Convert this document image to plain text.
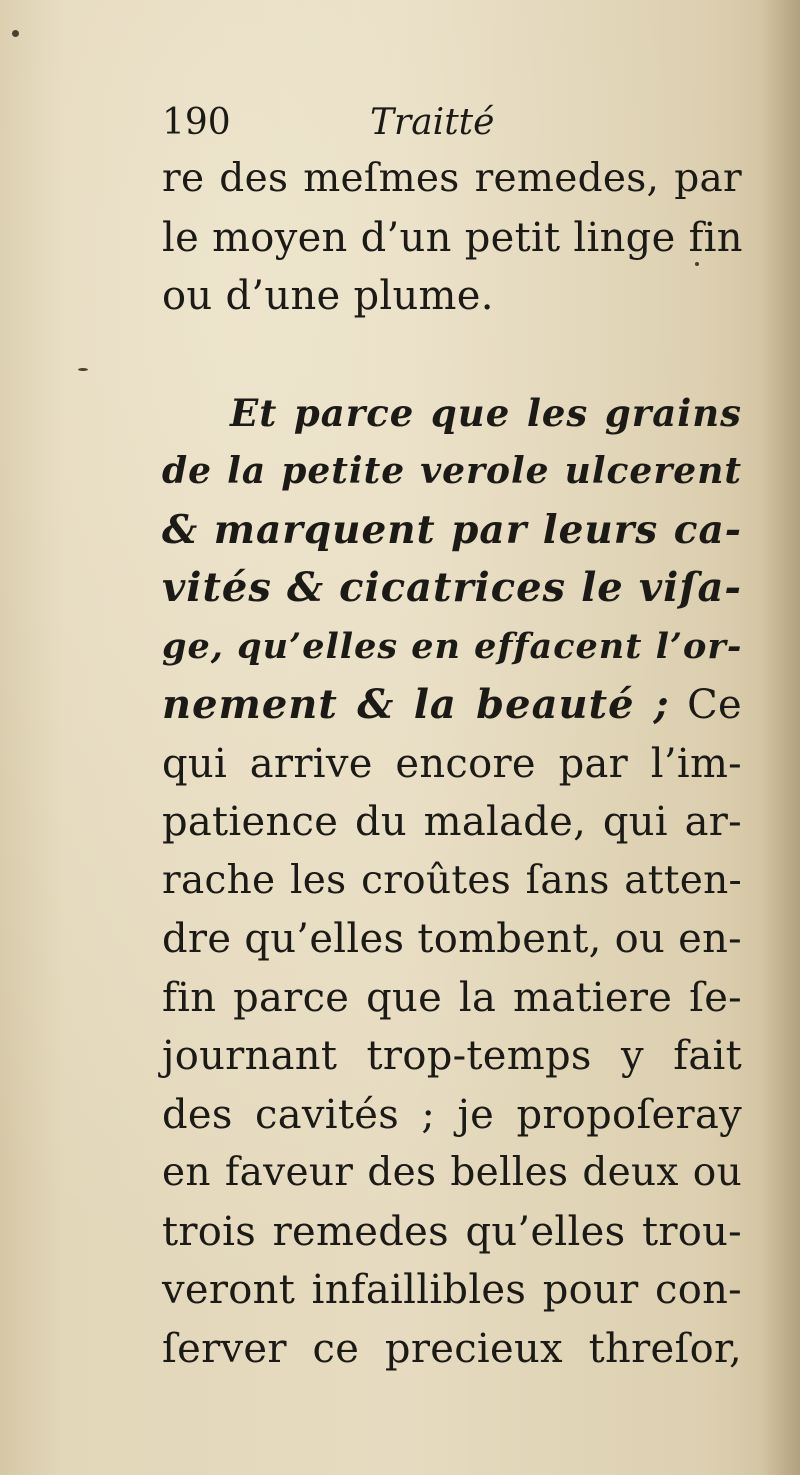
190	Traitté
re des meſmes remedes, par
le moyen d’un petit linge fin
ou d’une plume.
Et parce que les grains
de la petite verole ulcerent
& marquent par leurs ca-
vités & cicatrices le viſa-
ge, qu’elles en effacent l’or-
nement & la beauté ; Ce
qui arrive encore par l’im-
patience du malade, qui ar-
rache les croûtes ſans atten-
dre qu’elles tombent, ou en-
fin parce que la matiere ſe-
journant trop-temps y fait
des cavités ; je propoſeray
en faveur des belles deux ou
trois remedes qu’elles trou-
veront infaillibles pour con-
ſerver ce precieux threſor,
